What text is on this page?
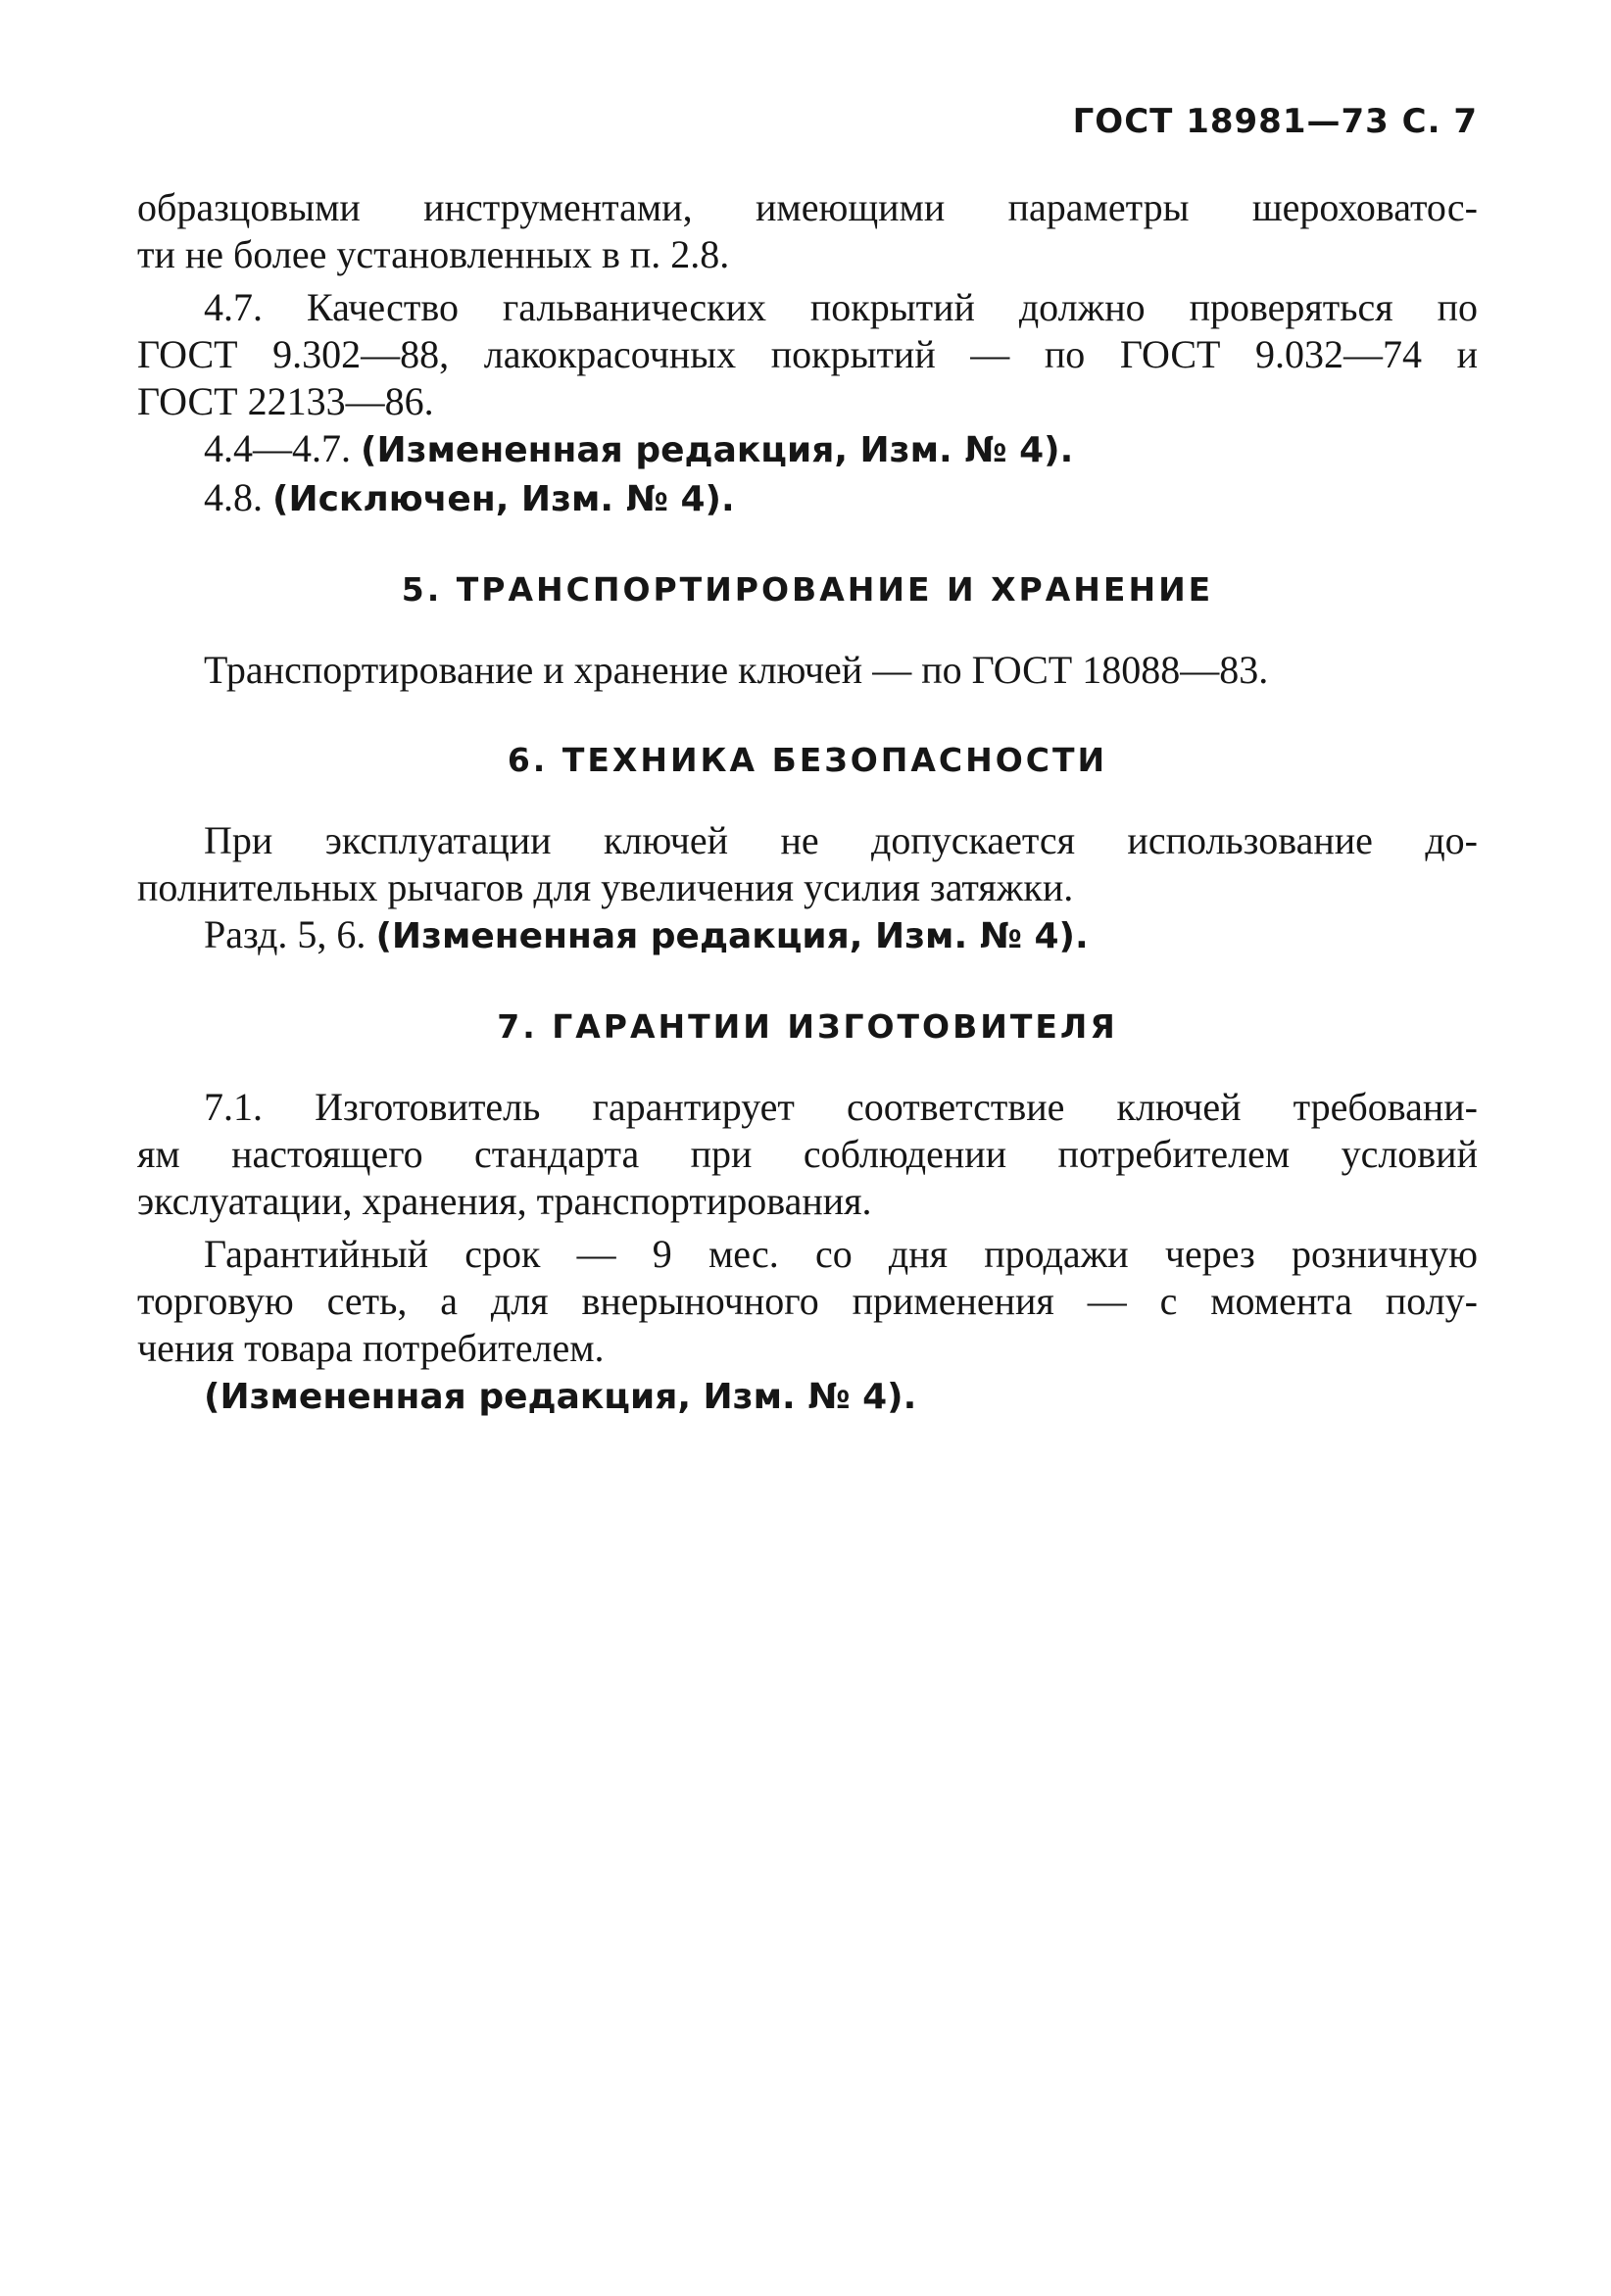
ГОСТ 18981—73 С. 7
образцовыми инструментами, имеющими параметры шероховатос-
ти не более установленных в п. 2.8.
4.7. Качество гальванических покрытий должно проверяться по
ГОСТ 9.302—88, лакокрасочных покрытий — по ГОСТ 9.032—74 и
ГОСТ 22133—86.
4.4—4.7. (Измененная редакция, Изм. № 4).
4.8. (Исключен, Изм. № 4).
5. ТРАНСПОРТИРОВАНИЕ И ХРАНЕНИЕ
Транспортирование и хранение ключей — по ГОСТ 18088—83.
6. ТЕХНИКА БЕЗОПАСНОСТИ
При эксплуатации ключей не допускается использование до-
полнительных рычагов для увеличения усилия затяжки.
Разд. 5, 6. (Измененная редакция, Изм. № 4).
7. ГАРАНТИИ ИЗГОТОВИТЕЛЯ
7.1. Изготовитель гарантирует соответствие ключей требовани-
ям настоящего стандарта при соблюдении потребителем условий
экслуатации, хранения, транспортирования.
Гарантийный срок — 9 мес. со дня продажи через розничную
торговую сеть, а для внерыночного применения — с момента полу-
чения товара потребителем.
(Измененная редакция, Изм. № 4).
